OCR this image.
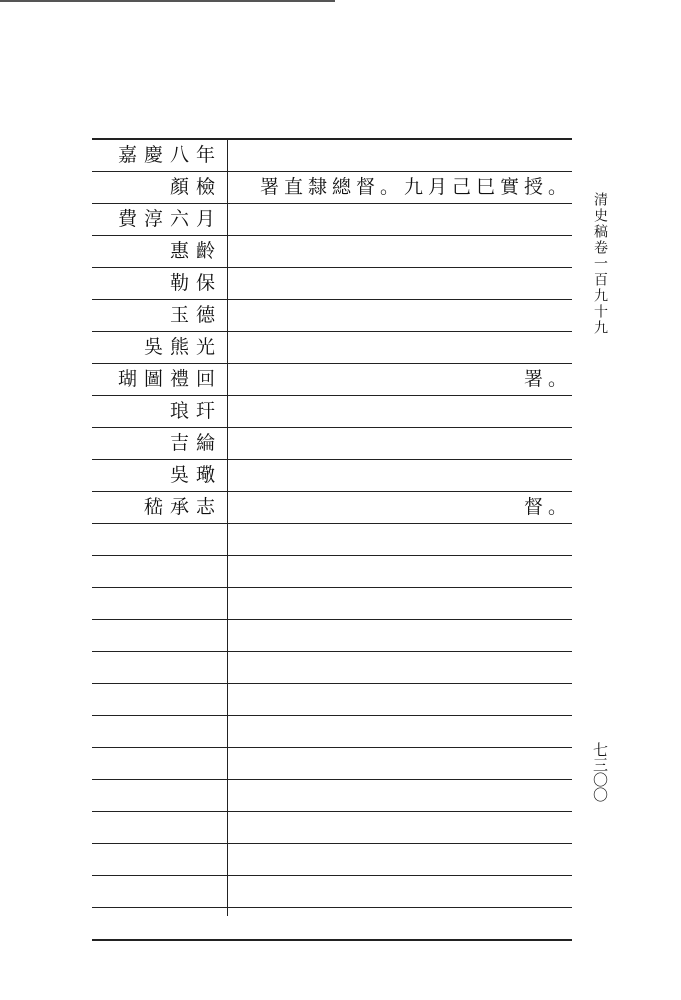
嘉慶八年
顏檢	署直隸總督。九月己巳實授。
費淳六月
惠齡
勒保
玉德
吳熊光
瑚圖禮回	署。
琅玕
吉綸
吳璥
嵇承志	督。
清史稿卷一百九十九
七三〇〇
